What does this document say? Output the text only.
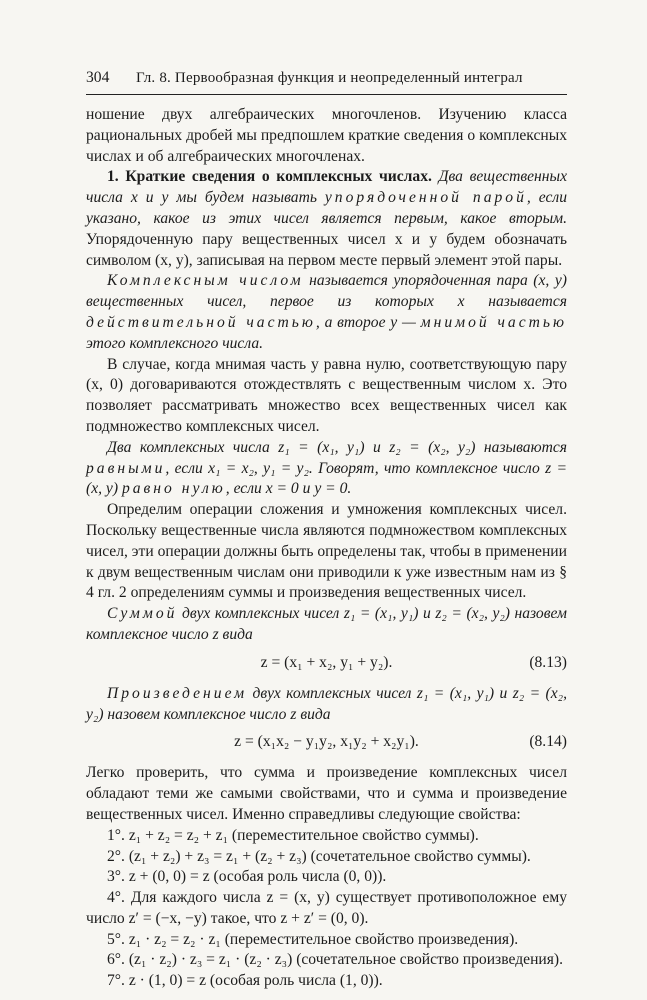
304 Гл. 8. Первообразная функция и неопределенный интеграл

ношение двух алгебраических многочленов. Изучению класса рациональных дробей мы предпошлем краткие сведения о комплексных числах и об алгебраических многочленах.

1. Краткие сведения о комплексных числах. Два вещественных числа x и y мы будем называть упорядоченной парой, если указано, какое из этих чисел является первым, какое вторым. Упорядоченную пару вещественных чисел x и y будем обозначать символом (x, y), записывая на первом месте первый элемент этой пары.

Комплексным числом называется упорядоченная пара (x, y) вещественных чисел, первое из которых x называется действительной частью, а второе y — мнимой частью этого комплексного числа.

В случае, когда мнимая часть y равна нулю, соответствующую пару (x, 0) договариваются отождествлять с вещественным числом x. Это позволяет рассматривать множество всех вещественных чисел как подмножество комплексных чисел.

Два комплексных числа z₁ = (x₁, y₁) и z₂ = (x₂, y₂) называются равными, если x₁ = x₂, y₁ = y₂. Говорят, что комплексное число z = (x, y) равно нулю, если x = 0 и y = 0.

Определим операции сложения и умножения комплексных чисел. Поскольку вещественные числа являются подмножеством комплексных чисел, эти операции должны быть определены так, чтобы в применении к двум вещественным числам они приводили к уже известным нам из § 4 гл. 2 определениям суммы и произведения вещественных чисел.

Суммой двух комплексных чисел z₁ = (x₁, y₁) и z₂ = (x₂, y₂) назовем комплексное число z вида

z = (x₁ + x₂, y₁ + y₂).	(8.13)

Произведением двух комплексных чисел z₁ = (x₁, y₁) и z₂ = (x₂, y₂) назовем комплексное число z вида

z = (x₁x₂ − y₁y₂, x₁y₂ + x₂y₁).	(8.14)

Легко проверить, что сумма и произведение комплексных чисел обладают теми же самыми свойствами, что и сумма и произведение вещественных чисел. Именно справедливы следующие свойства:

1°. z₁ + z₂ = z₂ + z₁ (переместительное свойство суммы).

2°. (z₁ + z₂) + z₃ = z₁ + (z₂ + z₃) (сочетательное свойство суммы).

3°. z + (0, 0) = z (особая роль числа (0, 0)).

4°. Для каждого числа z = (x, y) существует противоположное ему число z′ = (−x, −y) такое, что z + z′ = (0, 0).

5°. z₁ · z₂ = z₂ · z₁ (переместительное свойство произведения).

6°. (z₁ · z₂) · z₃ = z₁ · (z₂ · z₃) (сочетательное свойство произведения).

7°. z · (1, 0) = z (особая роль числа (1, 0)).
